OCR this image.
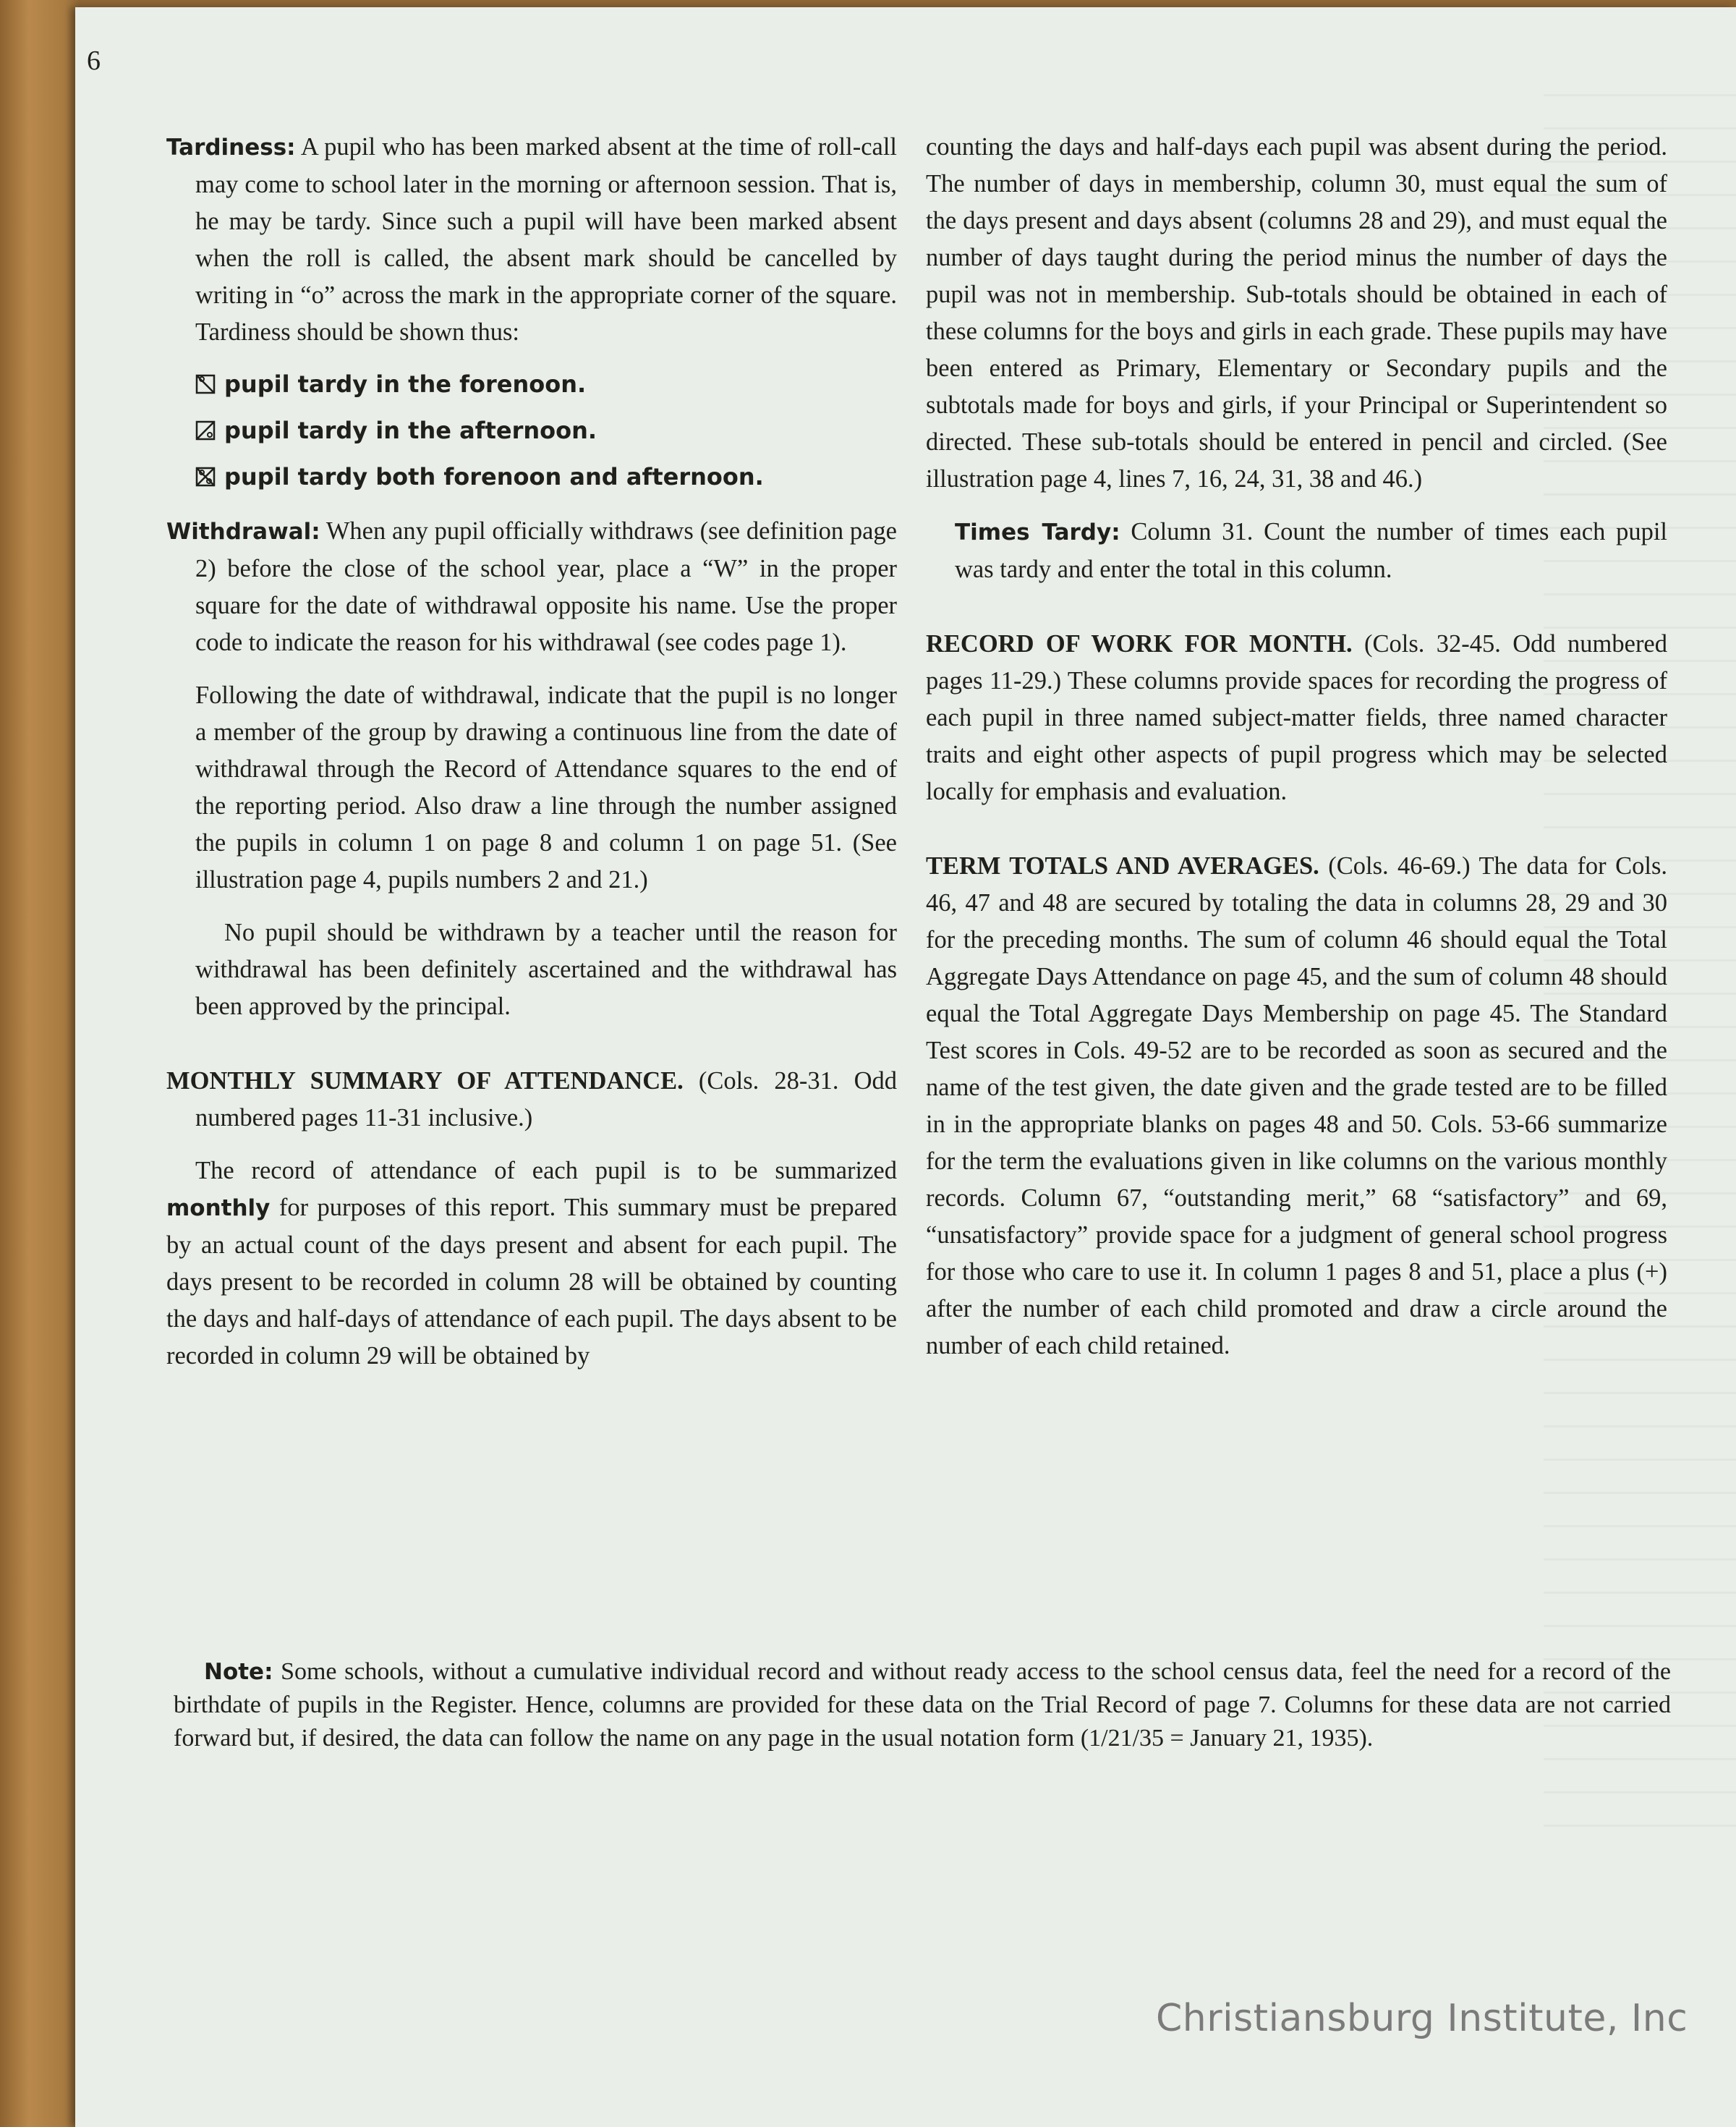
6

Tardiness: A pupil who has been marked absent at the time of roll-call may come to school later in the morning or afternoon session. That is, he may be tardy. Since such a pupil will have been marked absent when the roll is called, the absent mark should be cancelled by writing in “o” across the mark in the appropriate corner of the square. Tardiness should be shown thus:

pupil tardy in the forenoon.
pupil tardy in the afternoon.
pupil tardy both forenoon and afternoon.

Withdrawal: When any pupil officially withdraws (see definition page 2) before the close of the school year, place a “W” in the proper square for the date of withdrawal opposite his name. Use the proper code to indicate the reason for his withdrawal (see codes page 1).

Following the date of withdrawal, indicate that the pupil is no longer a member of the group by drawing a continuous line from the date of withdrawal through the Record of Attendance squares to the end of the reporting period. Also draw a line through the number assigned the pupils in column 1 on page 8 and column 1 on page 51. (See illustration page 4, pupils numbers 2 and 21.)

No pupil should be withdrawn by a teacher until the reason for withdrawal has been definitely ascertained and the withdrawal has been approved by the principal.

MONTHLY SUMMARY OF ATTENDANCE. (Cols. 28-31. Odd numbered pages 11-31 inclusive.)

The record of attendance of each pupil is to be summarized monthly for purposes of this report. This summary must be prepared by an actual count of the days present and absent for each pupil. The days present to be recorded in column 28 will be obtained by counting the days and half-days of attendance of each pupil. The days absent to be recorded in column 29 will be obtained by

counting the days and half-days each pupil was absent during the period. The number of days in membership, column 30, must equal the sum of the days present and days absent (columns 28 and 29), and must equal the number of days taught during the period minus the number of days the pupil was not in membership. Sub-totals should be obtained in each of these columns for the boys and girls in each grade. These pupils may have been entered as Primary, Elementary or Secondary pupils and the subtotals made for boys and girls, if your Principal or Superintendent so directed. These sub-totals should be entered in pencil and circled. (See illustration page 4, lines 7, 16, 24, 31, 38 and 46.)

Times Tardy: Column 31. Count the number of times each pupil was tardy and enter the total in this column.

RECORD OF WORK FOR MONTH. (Cols. 32-45. Odd numbered pages 11-29.) These columns provide spaces for recording the progress of each pupil in three named subject-matter fields, three named character traits and eight other aspects of pupil progress which may be selected locally for emphasis and evaluation.

TERM TOTALS AND AVERAGES. (Cols. 46-69.) The data for Cols. 46, 47 and 48 are secured by totaling the data in columns 28, 29 and 30 for the preceding months. The sum of column 46 should equal the Total Aggregate Days Attendance on page 45, and the sum of column 48 should equal the Total Aggregate Days Membership on page 45. The Standard Test scores in Cols. 49-52 are to be recorded as soon as secured and the name of the test given, the date given and the grade tested are to be filled in in the appropriate blanks on pages 48 and 50. Cols. 53-66 summarize for the term the evaluations given in like columns on the various monthly records. Column 67, “outstanding merit,” 68 “satisfactory” and 69, “unsatisfactory” provide space for a judgment of general school progress for those who care to use it. In column 1 pages 8 and 51, place a plus (+) after the number of each child promoted and draw a circle around the number of each child retained.

Note: Some schools, without a cumulative individual record and without ready access to the school census data, feel the need for a record of the birthdate of pupils in the Register. Hence, columns are provided for these data on the Trial Record of page 7. Columns for these data are not carried forward but, if desired, the data can follow the name on any page in the usual notation form (1/21/35 = January 21, 1935).
Christiansburg Institute, Inc
